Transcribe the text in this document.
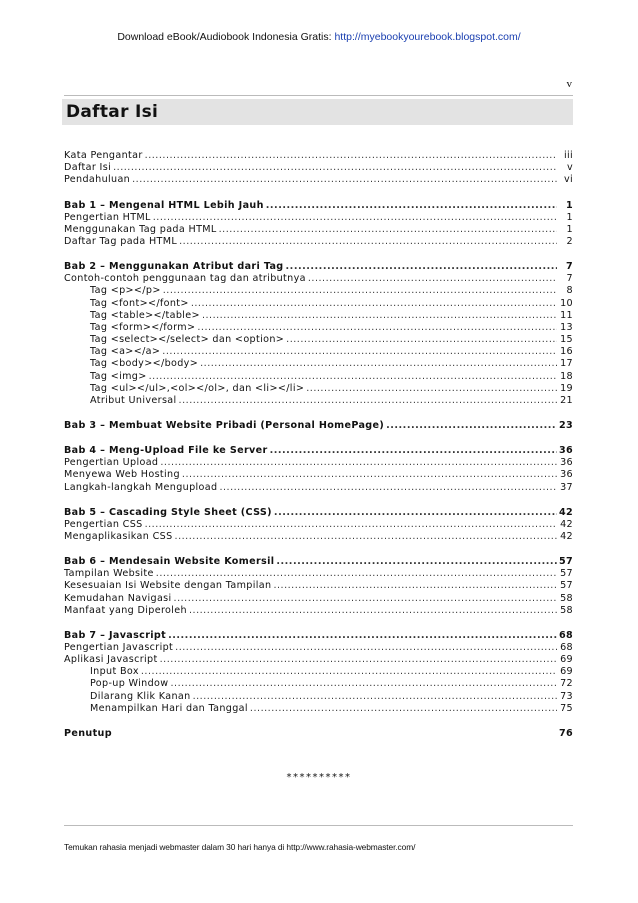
Download eBook/Audiobook Indonesia Gratis: http://myebookyourebook.blogspot.com/
v
Daftar Isi
Kata Pengantar .....	iii
Daftar Isi .....	v
Pendahuluan .....	vi
Bab 1 – Mengenal HTML Lebih Jauh .....	1
Pengertian HTML .....	1
Menggunakan Tag pada HTML .....	1
Daftar Tag pada HTML .....	2
Bab 2 – Menggunakan Atribut dari Tag .....	7
Contoh-contoh penggunaan tag dan atributnya .....	7
Tag <p></p> .....	8
Tag <font></font> .....	10
Tag <table></table> .....	11
Tag <form></form> .....	13
Tag <select></select> dan <option> .....	15
Tag <a></a> .....	16
Tag <body></body> .....	17
Tag <img> .....	18
Tag <ul></ul>,<ol></ol>, dan <li></li> .....	19
Atribut Universal .....	21
Bab 3 – Membuat Website Pribadi (Personal HomePage) .....	23
Bab 4 – Meng-Upload File ke Server .....	36
Pengertian Upload .....	36
Menyewa Web Hosting .....	36
Langkah-langkah Mengupload .....	37
Bab 5 – Cascading Style Sheet (CSS) .....	42
Pengertian CSS .....	42
Mengaplikasikan CSS .....	42
Bab 6 – Mendesain Website Komersil .....	57
Tampilan Website .....	57
Kesesuaian Isi Website dengan Tampilan .....	57
Kemudahan Navigasi .....	58
Manfaat yang Diperoleh .....	58
Bab 7 – Javascript .....	68
Pengertian Javascript .....	68
Aplikasi Javascript .....	69
Input Box .....	69
Pop-up Window .....	72
Dilarang Klik Kanan .....	73
Menampilkan Hari dan Tanggal .....	75
Penutup	76
**********
Temukan rahasia menjadi webmaster dalam 30 hari hanya di http://www.rahasia-webmaster.com/
